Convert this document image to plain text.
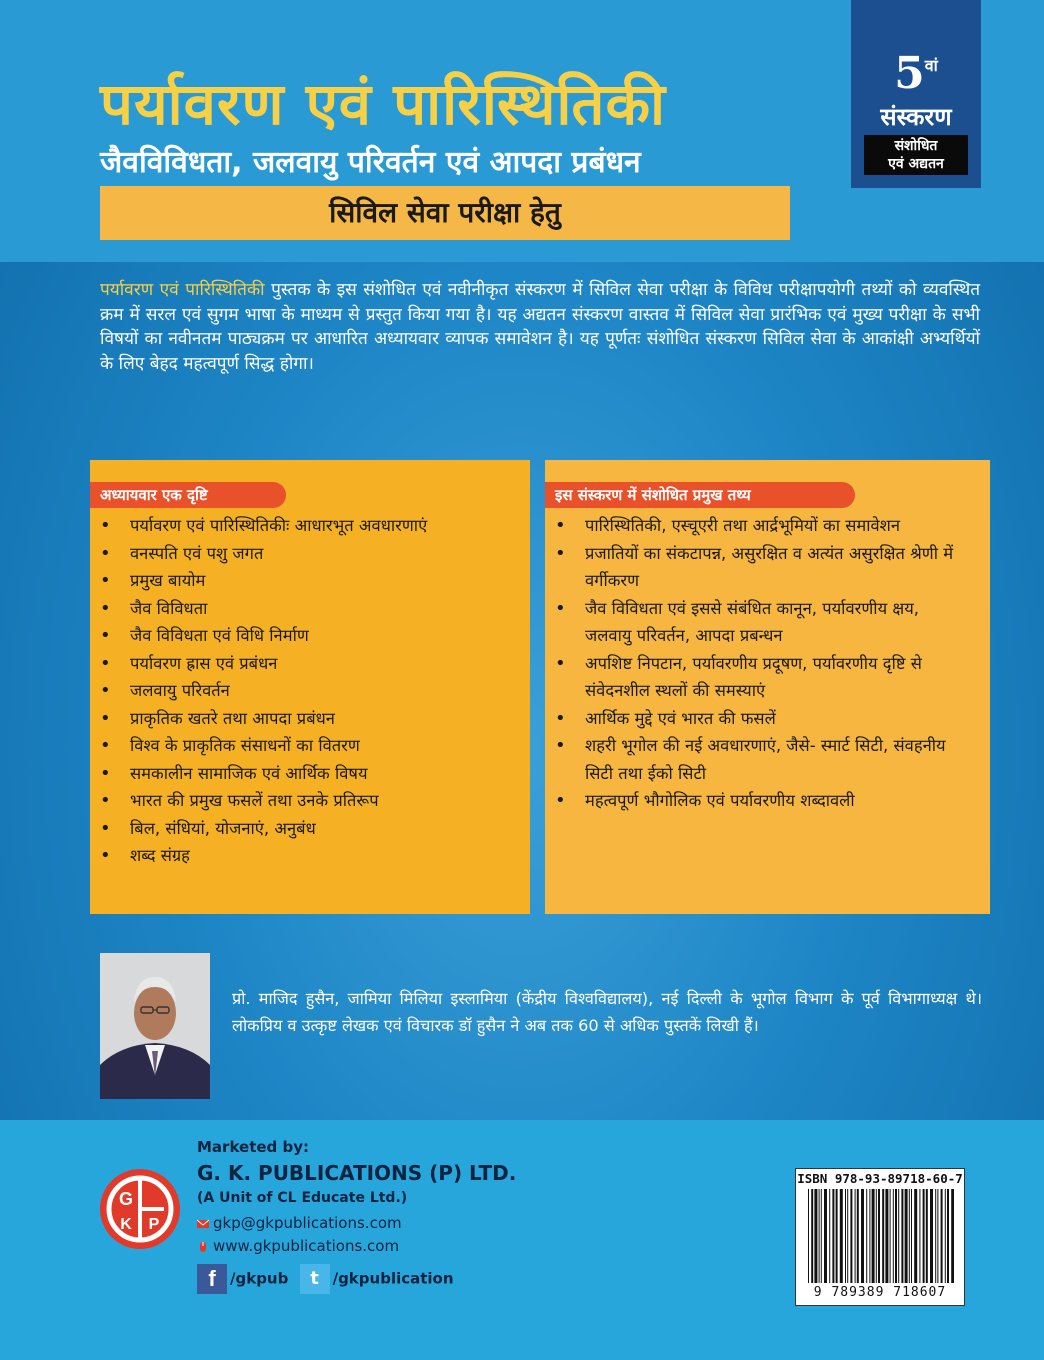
पर्यावरण एवं पारिस्थितिकी
जैवविविधता, जलवायु परिवर्तन एवं आपदा प्रबंधन
सिविल सेवा परीक्षा हेतु
$5^{वां}$
संस्करण
संशोधित
एवं अद्यतन
पर्यावरण एवं पारिस्थितिकी पुस्तक के इस संशोधित एवं नवीनीकृत संस्करण में सिविल सेवा परीक्षा के विविध परीक्षापयोगी तथ्यों को व्यवस्थित क्रम में सरल एवं सुगम भाषा के माध्यम से प्रस्तुत किया गया है। यह अद्यतन संस्करण वास्तव में सिविल सेवा प्रारंभिक एवं मुख्य परीक्षा के सभी विषयों का नवीनतम पाठ्यक्रम पर आधारित अध्यायवार व्यापक समावेशन है। यह पूर्णतः संशोधित संस्करण सिविल सेवा के आकांक्षी अभ्यर्थियों के लिए बेहद महत्वपूर्ण सिद्ध होगा।
अध्यायवार एक दृष्टि
• पर्यावरण एवं पारिस्थितिकीः आधारभूत अवधारणाएं
• वनस्पति एवं पशु जगत
• प्रमुख बायोम
• जैव विविधता
• जैव विविधता एवं विधि निर्माण
• पर्यावरण ह्रास एवं प्रबंधन
• जलवायु परिवर्तन
• प्राकृतिक खतरे तथा आपदा प्रबंधन
• विश्व के प्राकृतिक संसाधनों का वितरण
• समकालीन सामाजिक एवं आर्थिक विषय
• भारत की प्रमुख फसलें तथा उनके प्रतिरूप
• बिल, संधियां, योजनाएं, अनुबंध
• शब्द संग्रह
इस संस्करण में संशोधित प्रमुख तथ्य
• पारिस्थितिकी, एस्चूएरी तथा आर्द्रभूमियों का समावेशन
• प्रजातियों का संकटापन्न, असुरक्षित व अत्यंत असुरक्षित श्रेणी में वर्गीकरण
• जैव विविधता एवं इससे संबंधित कानून, पर्यावरणीय क्षय, जलवायु परिवर्तन, आपदा प्रबन्धन
• अपशिष्ट निपटान, पर्यावरणीय प्रदूषण, पर्यावरणीय दृष्टि से संवेदनशील स्थलों की समस्याएं
• आर्थिक मुद्दे एवं भारत की फसलें
• शहरी भूगोल की नई अवधारणाएं, जैसे- स्मार्ट सिटी, संवहनीय सिटी तथा ईको सिटी
• महत्वपूर्ण भौगोलिक एवं पर्यावरणीय शब्दावली
प्रो. माजिद हुसैन, जामिया मिलिया इस्लामिया (केंद्रीय विश्वविद्यालय), नई दिल्ली के भूगोल विभाग के पूर्व विभागाध्यक्ष थे। लोकप्रिय व उत्कृष्ट लेखक एवं विचारक डॉ हुसैन ने अब तक 60 से अधिक पुस्तकें लिखी हैं।
G
K P
Marketed by:
G. K. PUBLICATIONS (P) LTD.
(A Unit of CL Educate Ltd.)
gkp@gkpublications.com
www.gkpublications.com
f /gkpub t /gkpublication
ISBN 978-93-89718-60-7
9 789389 718607
